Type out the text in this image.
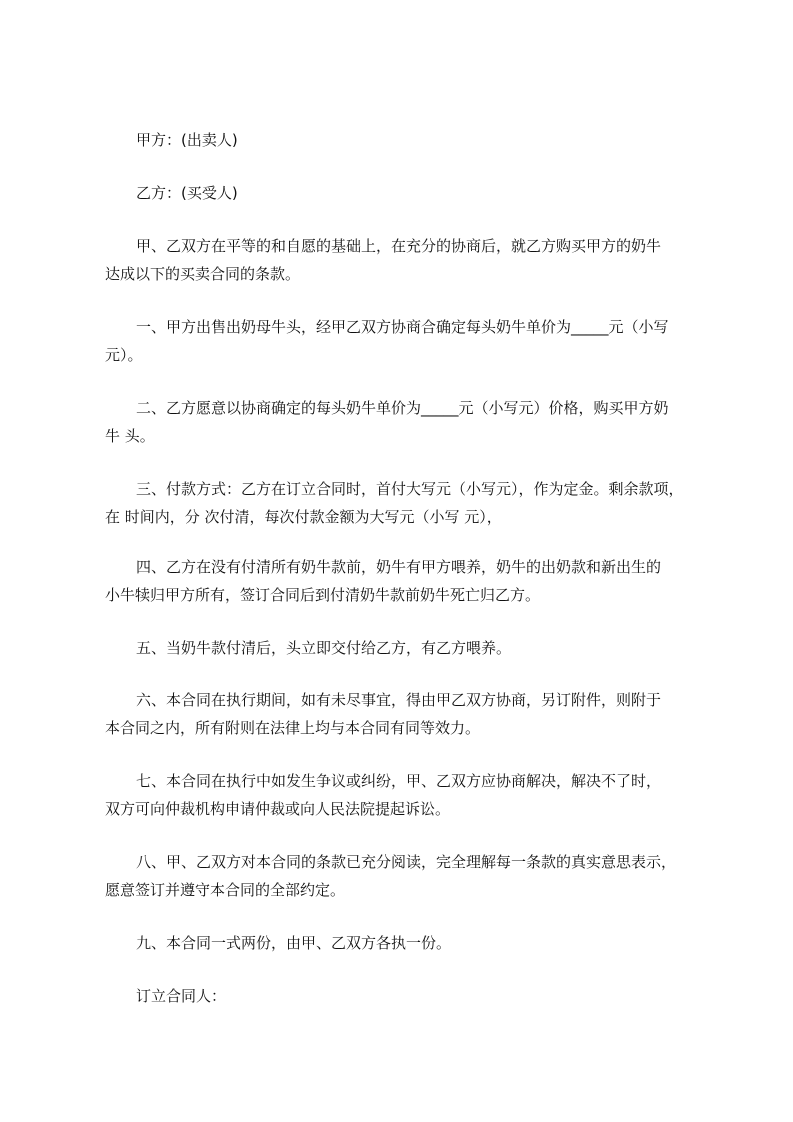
甲方：(出卖人)

乙方：(买受人)

甲、乙双方在平等的和自愿的基础上，在充分的协商后，就乙方购买甲方的奶牛

达成以下的买卖合同的条款。

一、甲方出售出奶母牛头，经甲乙双方协商合确定每头奶牛单价为_____元（小写

元）。

二、乙方愿意以协商确定的每头奶牛单价为_____元（小写元）价格，购买甲方奶

牛 头。

三、付款方式：乙方在订立合同时，首付大写元（小写元），作为定金。剩余款项，

在 时间内，分 次付清，每次付款金额为大写元（小写 元），

四、乙方在没有付清所有奶牛款前，奶牛有甲方喂养，奶牛的出奶款和新出生的

小牛犊归甲方所有，签订合同后到付清奶牛款前奶牛死亡归乙方。

五、当奶牛款付清后，头立即交付给乙方，有乙方喂养。

六、本合同在执行期间，如有未尽事宜，得由甲乙双方协商，另订附件，则附于

本合同之内，所有附则在法律上均与本合同有同等效力。

七、本合同在执行中如发生争议或纠纷，甲、乙双方应协商解决，解决不了时，

双方可向仲裁机构申请仲裁或向人民法院提起诉讼。

八、甲、乙双方对本合同的条款已充分阅读，完全理解每一条款的真实意思表示，

愿意签订并遵守本合同的全部约定。

九、本合同一式两份，由甲、乙双方各执一份。

订立合同人：
